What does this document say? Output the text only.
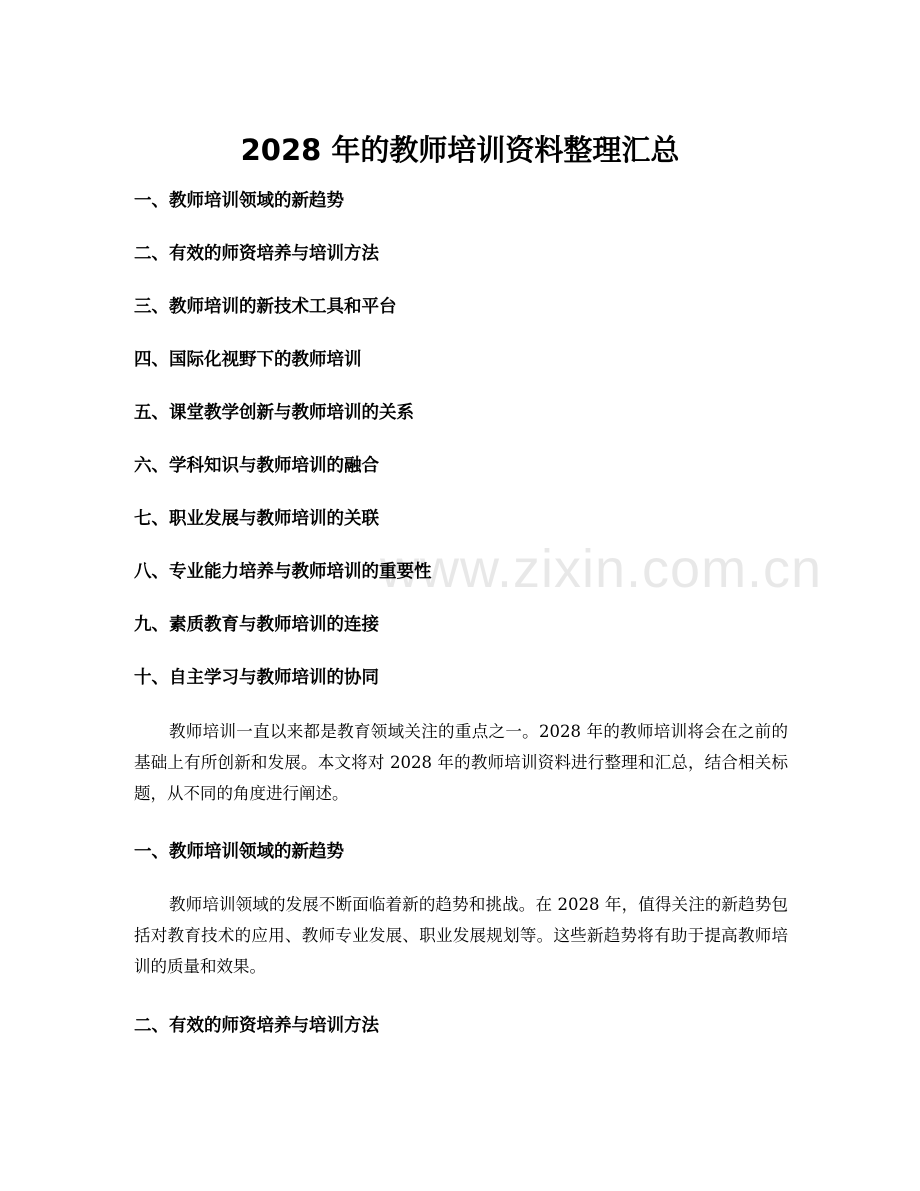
www.zixin.com.cn
2028 年的教师培训资料整理汇总
一、教师培训领域的新趋势
二、有效的师资培养与培训方法
三、教师培训的新技术工具和平台
四、国际化视野下的教师培训
五、课堂教学创新与教师培训的关系
六、学科知识与教师培训的融合
七、职业发展与教师培训的关联
八、专业能力培养与教师培训的重要性
九、素质教育与教师培训的连接
十、自主学习与教师培训的协同

教师培训一直以来都是教育领域关注的重点之一。2028 年的教师培训将会在之前的基础上有所创新和发展。本文将对 2028 年的教师培训资料进行整理和汇总，结合相关标题，从不同的角度进行阐述。

一、教师培训领域的新趋势

教师培训领域的发展不断面临着新的趋势和挑战。在 2028 年，值得关注的新趋势包括对教育技术的应用、教师专业发展、职业发展规划等。这些新趋势将有助于提高教师培训的质量和效果。

二、有效的师资培养与培训方法
